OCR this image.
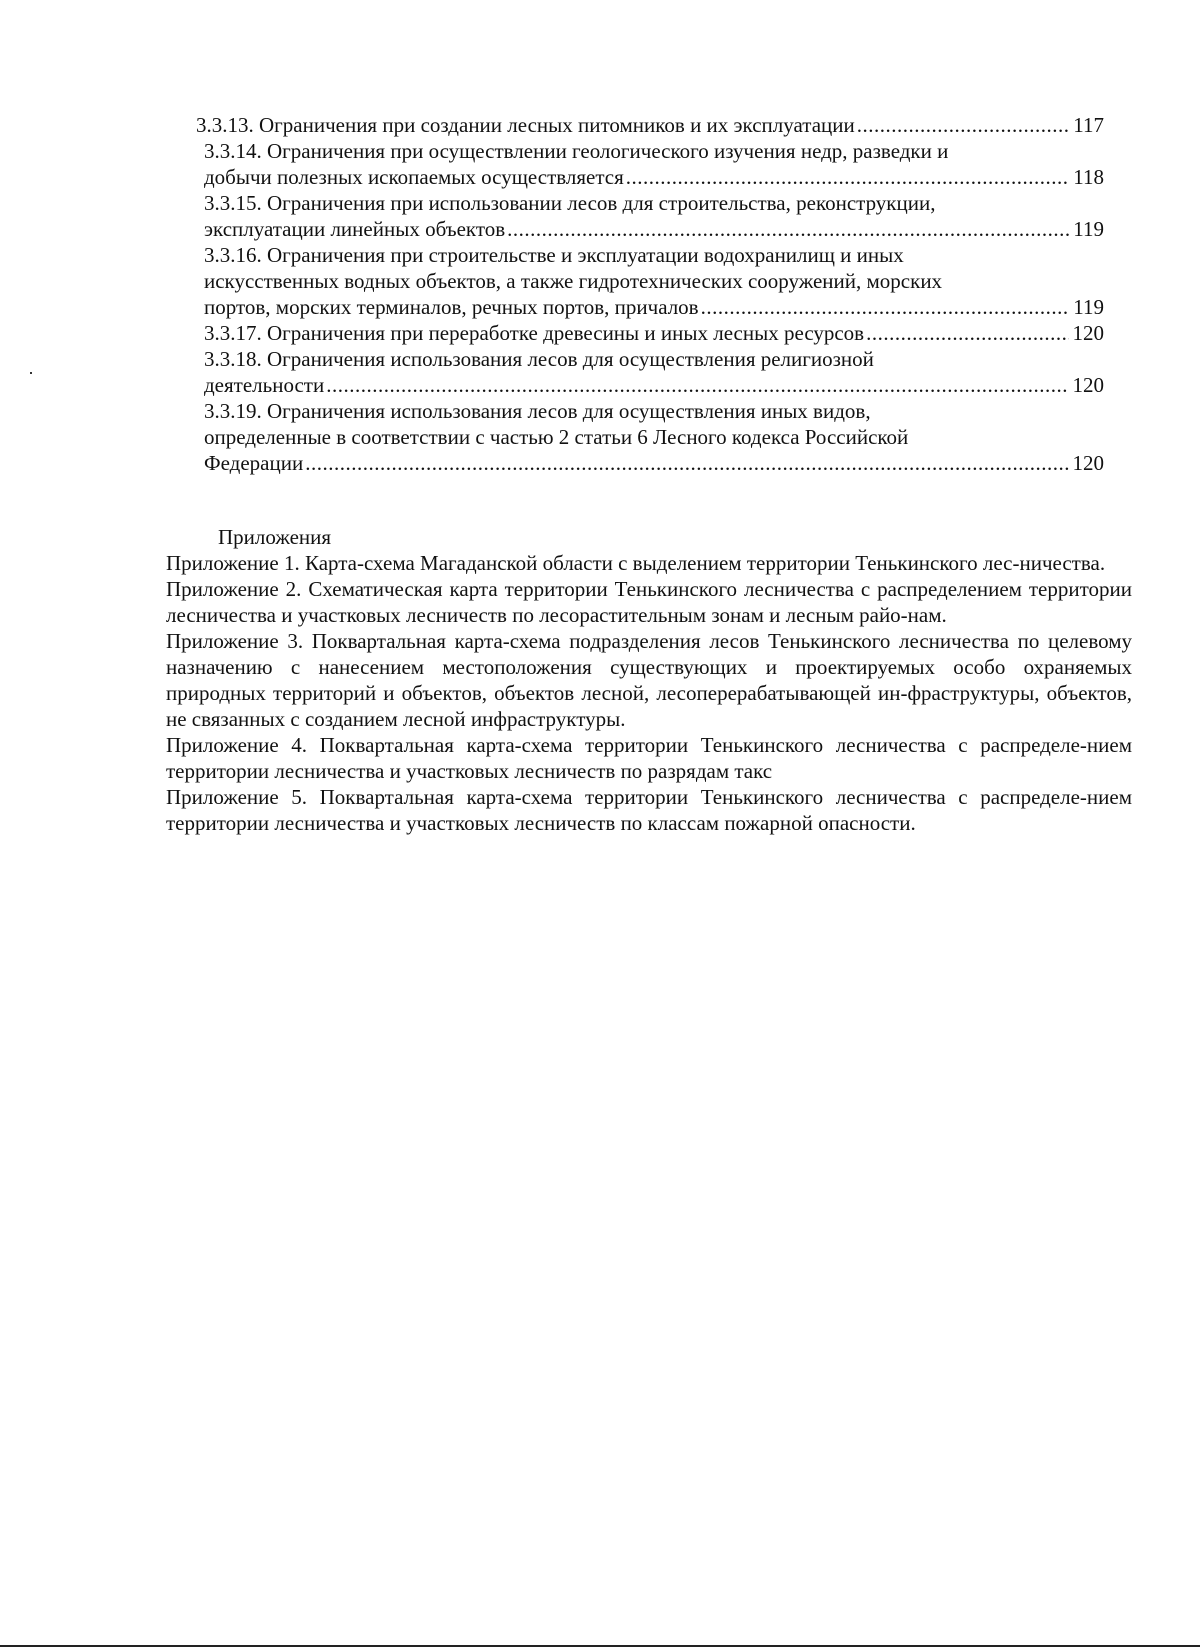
3.3.13. Ограничения при создании лесных питомников и их эксплуатации .....	117
3.3.14. Ограничения при осуществлении геологического изучения недр, разведки и
добычи полезных ископаемых осуществляется .....	118
3.3.15. Ограничения при использовании лесов для строительства, реконструкции,
эксплуатации линейных объектов .....	119
3.3.16. Ограничения при строительстве и эксплуатации водохранилищ и иных
искусственных водных объектов, а также гидротехнических сооружений, морских
портов, морских терминалов, речных портов, причалов .....	119
3.3.17. Ограничения при переработке древесины и иных лесных ресурсов .....	120
3.3.18. Ограничения использования лесов для осуществления религиозной
деятельности .....	120
3.3.19. Ограничения использования лесов для осуществления иных видов,
определенные в соответствии с частью 2 статьи 6 Лесного кодекса Российской
Федерации .....	120
Приложения

Приложение 1. Карта-схема Магаданской области с выделением территории Тенькинского лес-ничества.

Приложение 2. Схематическая карта территории Тенькинского лесничества с распределением территории лесничества и участковых лесничеств по лесорастительным зонам и лесным райо-нам.

Приложение 3. Поквартальная карта-схема подразделения лесов Тенькинского лесничества по целевому назначению с нанесением местоположения существующих и проектируемых особо охраняемых природных территорий и объектов, объектов лесной, лесоперерабатывающей ин-фраструктуры, объектов, не связанных с созданием лесной инфраструктуры.

Приложение 4. Поквартальная карта-схема территории Тенькинского лесничества с распределе-нием территории лесничества и участковых лесничеств по разрядам такс

Приложение 5. Поквартальная карта-схема территории Тенькинского лесничества с распределе-нием территории лесничества и участковых лесничеств по классам пожарной опасности.
